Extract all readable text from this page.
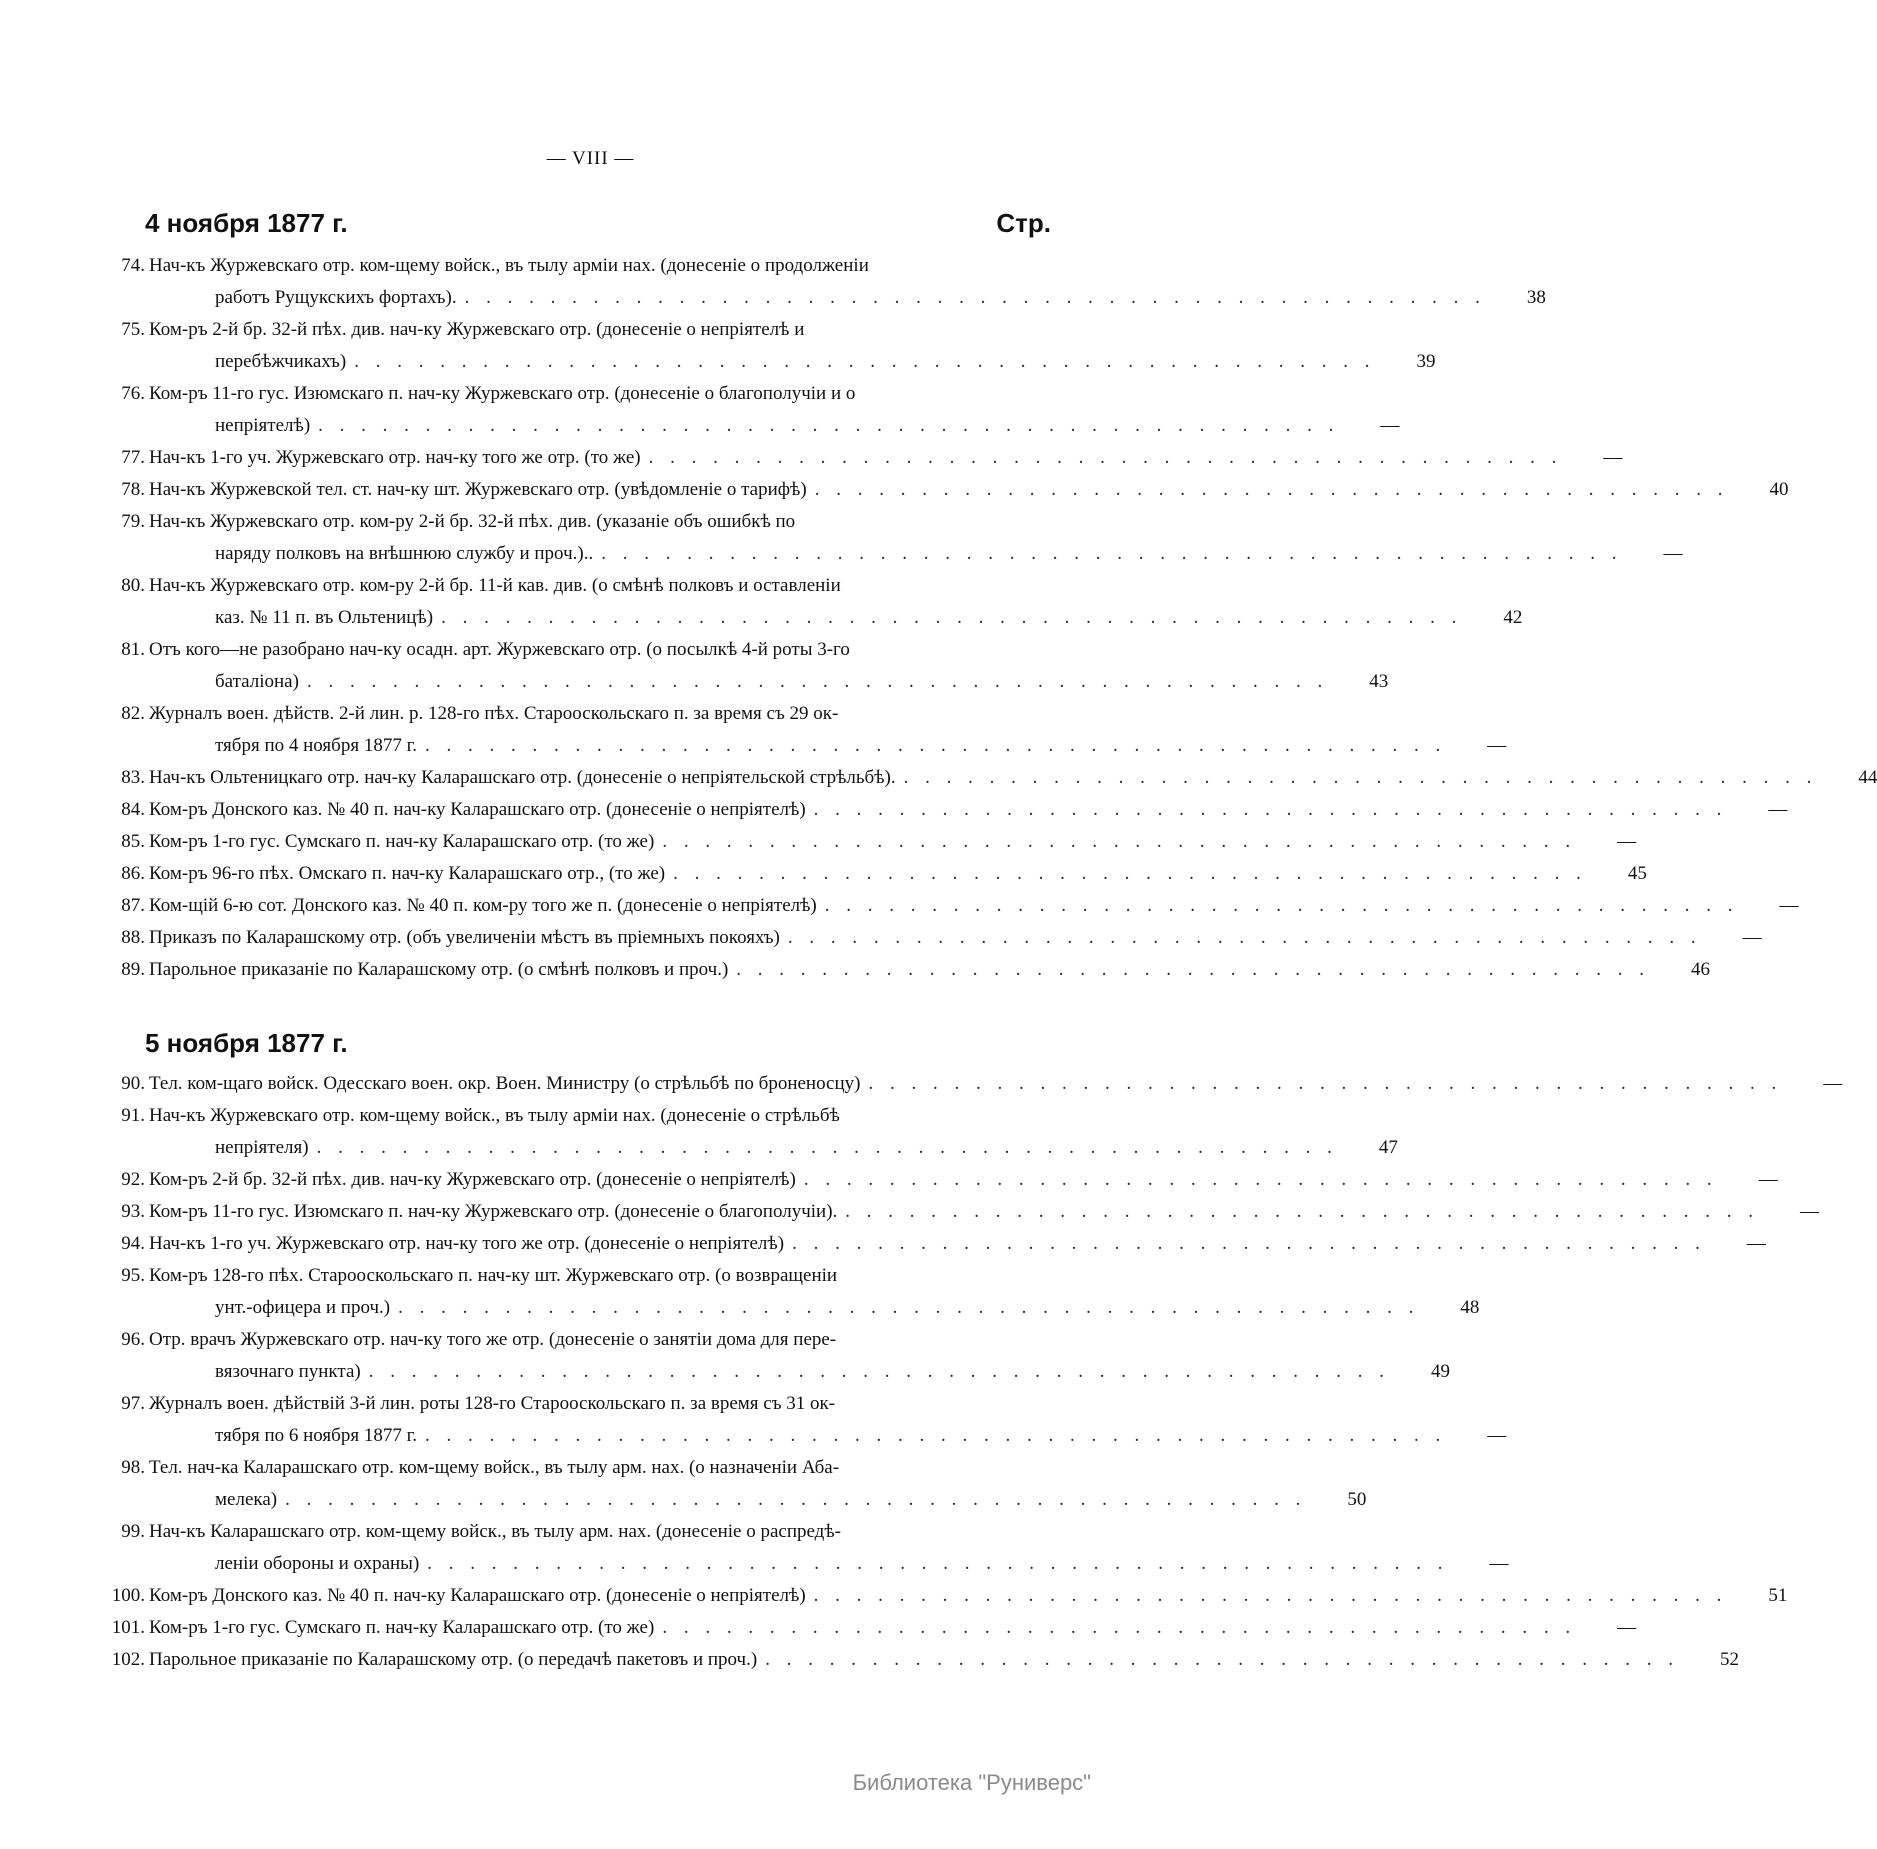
— VIII —
4 ноября 1877 г.	Стр.
74. Нач-къ Журжевскаго отр. ком-щему войск., въ тылу арміи нах. (донесеніе о продолженіи
работъ Рущукскихъ фортахъ). . . . . . . . . . . . . . . . . . . . . . . . . . . . . . . . . . . . . . . . . . . . . . . . .	38
75. Ком-ръ 2-й бр. 32-й пѣх. див. нач-ку Журжевскаго отр. (донесеніе о непріятелѣ и
перебѣжчикахъ) . . . . . . . . . . . . . . . . . . . . . . . . . . . . . . . . . . . . . . . . . . . . . . . .	39
76. Ком-ръ 11-го гус. Изюмскаго п. нач-ку Журжевскаго отр. (донесеніе о благополучіи и о
непріятелѣ) . . . . . . . . . . . . . . . . . . . . . . . . . . . . . . . . . . . . . . . . . . . . . . . .	—
77. Нач-къ 1-го уч. Журжевскаго отр. нач-ку того же отр. (то же) . . . . . . . . . . . . . . . . . . . . . . . . . . . . . . . . . . . . . . . . . . .	—
78. Нач-къ Журжевской тел. ст. нач-ку шт. Журжевскаго отр. (увѣдомленіе о тарифѣ) . . . . . . . . . . . . . . . . . . . . . . . . . . . . . . . . . . . . . . . . . . .	40
79. Нач-къ Журжевскаго отр. ком-ру 2-й бр. 32-й пѣх. див. (указаніе объ ошибкѣ по
наряду полковъ на внѣшнюю службу и проч.).. . . . . . . . . . . . . . . . . . . . . . . . . . . . . . . . . . . . . . . . . . . . . . . . .	—
80. Нач-къ Журжевскаго отр. ком-ру 2-й бр. 11-й кав. див. (о смѣнѣ полковъ и оставленіи
каз. № 11 п. въ Ольтеницѣ) . . . . . . . . . . . . . . . . . . . . . . . . . . . . . . . . . . . . . . . . . . . . . . . .	42
81. Отъ кого—не разобрано нач-ку осадн. арт. Журжевскаго отр. (о посылкѣ 4-й роты 3-го
баталіона) . . . . . . . . . . . . . . . . . . . . . . . . . . . . . . . . . . . . . . . . . . . . . . . .	43
82. Журналъ воен. дѣйств. 2-й лин. р. 128-го пѣх. Старооскольскаго п. за время съ 29 ок-
тября по 4 ноября 1877 г. . . . . . . . . . . . . . . . . . . . . . . . . . . . . . . . . . . . . . . . . . . . . . . . .	—
83. Нач-къ Ольтеницкаго отр. нач-ку Каларашскаго отр. (донесеніе о непріятельской стрѣльбѣ). . . . . . . . . . . . . . . . . . . . . . . . . . . . . . . . . . . . . . . . . . . .	44
84. Ком-ръ Донского каз. № 40 п. нач-ку Каларашскаго отр. (донесеніе о непріятелѣ) . . . . . . . . . . . . . . . . . . . . . . . . . . . . . . . . . . . . . . . . . . .	—
85. Ком-ръ 1-го гус. Сумскаго п. нач-ку Каларашскаго отр. (то же) . . . . . . . . . . . . . . . . . . . . . . . . . . . . . . . . . . . . . . . . . . .	—
86. Ком-ръ 96-го пѣх. Омскаго п. нач-ку Каларашскаго отр., (то же) . . . . . . . . . . . . . . . . . . . . . . . . . . . . . . . . . . . . . . . . . . .	45
87. Ком-щій 6-ю сот. Донского каз. № 40 п. ком-ру того же п. (донесеніе о непріятелѣ) . . . . . . . . . . . . . . . . . . . . . . . . . . . . . . . . . . . . . . . . . . .	—
88. Приказъ по Каларашскому отр. (объ увеличеніи мѣстъ въ пріемныхъ покояхъ) . . . . . . . . . . . . . . . . . . . . . . . . . . . . . . . . . . . . . . . . . . .	—
89. Парольное приказаніе по Каларашскому отр. (о смѣнѣ полковъ и проч.) . . . . . . . . . . . . . . . . . . . . . . . . . . . . . . . . . . . . . . . . . . .	46
5 ноября 1877 г.
90. Тел. ком-щаго войск. Одесскаго воен. окр. Воен. Министру (о стрѣльбѣ по броненосцу) . . . . . . . . . . . . . . . . . . . . . . . . . . . . . . . . . . . . . . . . . . .	—
91. Нач-къ Журжевскаго отр. ком-щему войск., въ тылу арміи нах. (донесеніе о стрѣльбѣ
непріятеля) . . . . . . . . . . . . . . . . . . . . . . . . . . . . . . . . . . . . . . . . . . . . . . . .	47
92. Ком-ръ 2-й бр. 32-й пѣх. див. нач-ку Журжевскаго отр. (донесеніе о непріятелѣ) . . . . . . . . . . . . . . . . . . . . . . . . . . . . . . . . . . . . . . . . . . .	—
93. Ком-ръ 11-го гус. Изюмскаго п. нач-ку Журжевскаго отр. (донесеніе о благополучіи). . . . . . . . . . . . . . . . . . . . . . . . . . . . . . . . . . . . . . . . . . . .	—
94. Нач-къ 1-го уч. Журжевскаго отр. нач-ку того же отр. (донесеніе о непріятелѣ) . . . . . . . . . . . . . . . . . . . . . . . . . . . . . . . . . . . . . . . . . . .	—
95. Ком-ръ 128-го пѣх. Старооскольскаго п. нач-ку шт. Журжевскаго отр. (о возвращеніи
унт.-офицера и проч.) . . . . . . . . . . . . . . . . . . . . . . . . . . . . . . . . . . . . . . . . . . . . . . . .	48
96. Отр. врачъ Журжевскаго отр. нач-ку того же отр. (донесеніе о занятіи дома для пере-
вязочнаго пункта) . . . . . . . . . . . . . . . . . . . . . . . . . . . . . . . . . . . . . . . . . . . . . . . .	49
97. Журналъ воен. дѣйствій 3-й лин. роты 128-го Старооскольскаго п. за время съ 31 ок-
тября по 6 ноября 1877 г. . . . . . . . . . . . . . . . . . . . . . . . . . . . . . . . . . . . . . . . . . . . . . . . .	—
98. Тел. нач-ка Каларашскаго отр. ком-щему войск., въ тылу арм. нах. (о назначеніи Аба-
мелека) . . . . . . . . . . . . . . . . . . . . . . . . . . . . . . . . . . . . . . . . . . . . . . . .	50
99. Нач-къ Каларашскаго отр. ком-щему войск., въ тылу арм. нах. (донесеніе о распредѣ-
леніи обороны и охраны) . . . . . . . . . . . . . . . . . . . . . . . . . . . . . . . . . . . . . . . . . . . . . . . .	—
100. Ком-ръ Донского каз. № 40 п. нач-ку Каларашскаго отр. (донесеніе о непріятелѣ) . . . . . . . . . . . . . . . . . . . . . . . . . . . . . . . . . . . . . . . . . . .	51
101. Ком-ръ 1-го гус. Сумскаго п. нач-ку Каларашскаго отр. (то же) . . . . . . . . . . . . . . . . . . . . . . . . . . . . . . . . . . . . . . . . . . .	—
102. Парольное приказаніе по Каларашскому отр. (о передачѣ пакетовъ и проч.) . . . . . . . . . . . . . . . . . . . . . . . . . . . . . . . . . . . . . . . . . . .	52
Библиотека "Руниверс"
